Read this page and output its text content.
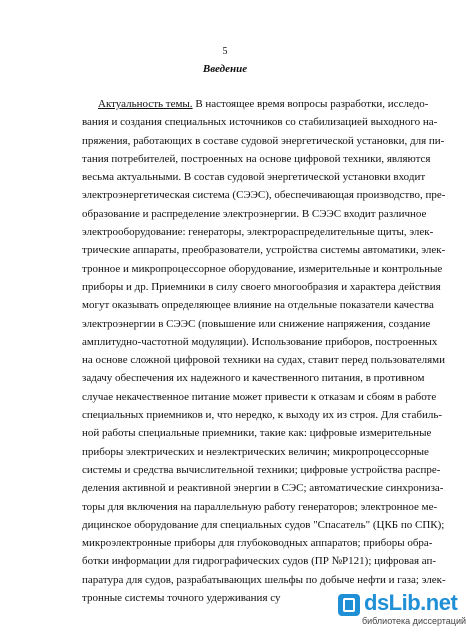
5
Введение
Актуальность темы. В настоящее время вопросы разработки, исследо-
вания и создания специальных источников со стабилизацией выходного на-
пряжения, работающих в составе судовой энергетической установки, для пи-
тания потребителей, построенных на основе цифровой техники, являются
весьма актуальными. В состав судовой энергетической установки входит
электроэнергетическая система (СЭЭС), обеспечивающая производство, пре-
образование и распределение электроэнергии. В СЭЭС входит различное
электрооборудование: генераторы, электрораспределительные щиты, элек-
трические аппараты, преобразователи, устройства системы автоматики, элек-
тронное и микропроцессорное оборудование, измерительные и контрольные
приборы и др. Приемники в силу своего многообразия и характера действия
могут оказывать определяющее влияние на отдельные показатели качества
электроэнергии в СЭЭС (повышение или снижение напряжения, создание
амплитудно-частотной модуляции). Использование приборов, построенных
на основе сложной цифровой техники на судах, ставит перед пользователями
задачу обеспечения их надежного и качественного питания, в противном
случае некачественное питание может привести к отказам и сбоям в работе
специальных приемников и, что нередко, к выходу их из строя. Для стабиль-
ной работы специальные приемники, такие как: цифровые измерительные
приборы электрических и неэлектрических величин; микропроцессорные
системы и средства вычислительной техники; цифровые устройства распре-
деления активной и реактивной энергии в СЭС; автоматические синхрониза-
торы для включения на параллельную работу генераторов; электронное ме-
дицинское оборудование для специальных судов "Спасатель" (ЦКБ по СПК);
микроэлектронные приборы для глубоководных аппаратов; приборы обра-
ботки информации для гидрографических судов (ПР №Р121); цифровая ап-
паратура для судов, разрабатывающих шельфы по добыче нефти и газа; элек-
тронные системы точного удерживания су	dsLib.net
библиотека диссертаций
